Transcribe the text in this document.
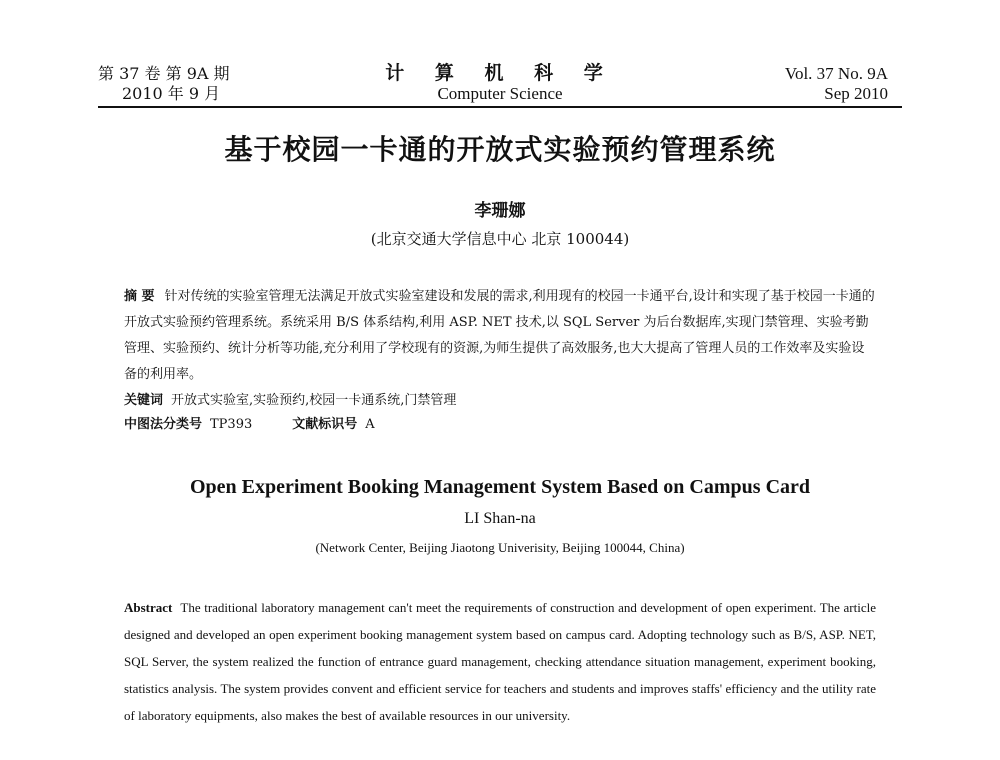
第 37 卷 第 9A 期
2010 年 9 月
计 算 机 科 学
Computer Science
Vol. 37 No. 9A
Sep 2010
基于校园一卡通的开放式实验预约管理系统
李珊娜
(北京交通大学信息中心 北京 100044)
摘 要 针对传统的实验室管理无法满足开放式实验室建设和发展的需求,利用现有的校园一卡通平台,设计和实现了基于校园一卡通的开放式实验预约管理系统。系统采用 B/S 体系结构,利用 ASP. NET 技术,以 SQL Server 为后台数据库,实现门禁管理、实验考勤管理、实验预约、统计分析等功能,充分利用了学校现有的资源,为师生提供了高效服务,也大大提高了管理人员的工作效率及实验设备的利用率。
关键词 开放式实验室,实验预约,校园一卡通系统,门禁管理
中图法分类号 TP393	文献标识号 A
Open Experiment Booking Management System Based on Campus Card
LI Shan-na
(Network Center, Beijing Jiaotong Univerisity, Beijing 100044, China)
Abstract The traditional laboratory management can't meet the requirements of construction and development of open experiment. The article designed and developed an open experiment booking management system based on campus card. Adopting technology such as B/S, ASP. NET, SQL Server, the system realized the function of entrance guard management, checking attendance situation management, experiment booking, statistics analysis. The system provides convent and efficient service for teachers and students and improves staffs' efficiency and the utility rate of laboratory equipments, also makes the best of available resources in our university.
